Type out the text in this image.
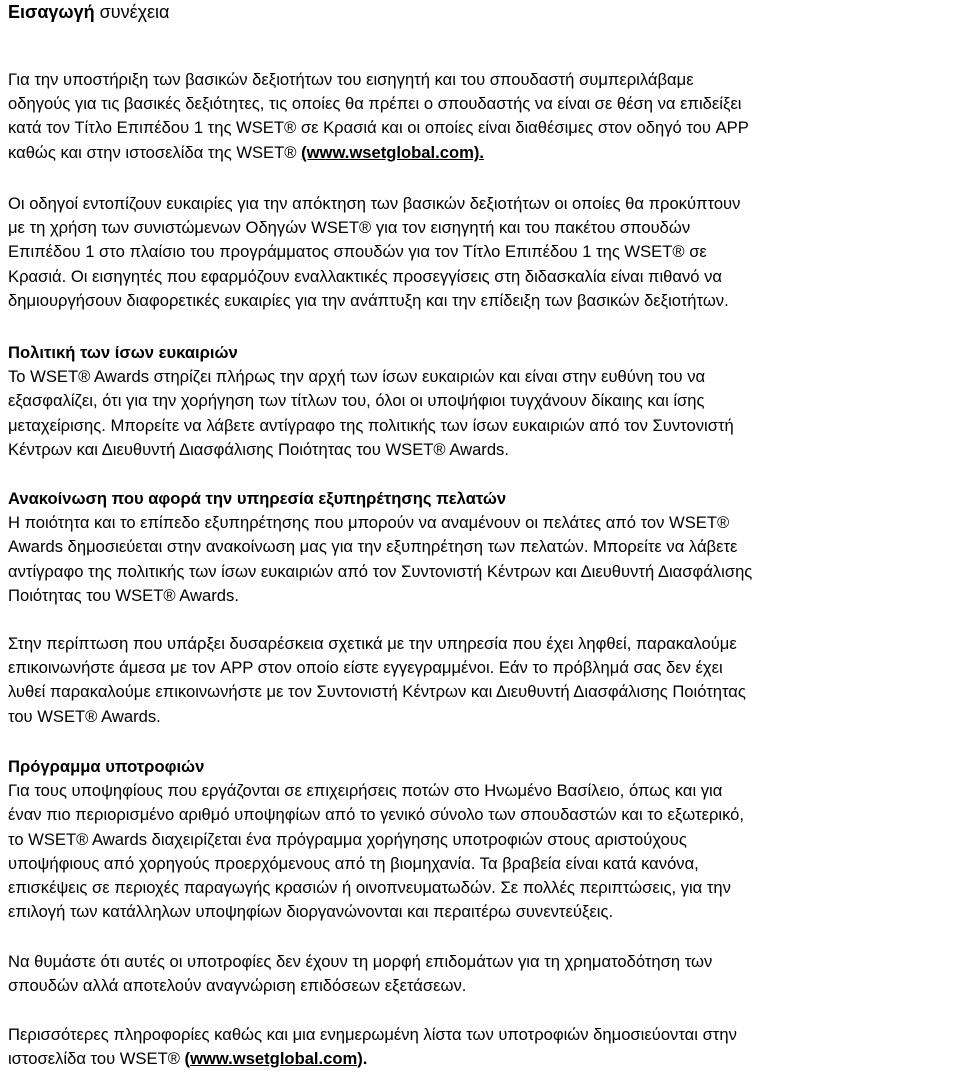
Εισαγωγή συνέχεια

Για την υποστήριξη των βασικών δεξιοτήτων του εισηγητή και του σπουδαστή συμπεριλάβαμε
οδηγούς για τις βασικές δεξιότητες, τις οποίες θα πρέπει ο σπουδαστής να είναι σε θέση να επιδείξει
κατά τον Τίτλο Επιπέδου 1 της WSET® σε Κρασιά και οι οποίες είναι διαθέσιμες στον οδηγό του APP
καθώς και στην ιστοσελίδα της WSET® (www.wsetglobal.com).

Οι οδηγοί εντοπίζουν ευκαιρίες για την απόκτηση των βασικών δεξιοτήτων οι οποίες θα προκύπτουν
με τη χρήση των συνιστώμενων Οδηγών WSET® για τον εισηγητή και του πακέτου σπουδών
Επιπέδου 1 στο πλαίσιο του προγράμματος σπουδών για τον Τίτλο Επιπέδου 1 της WSET® σε
Κρασιά. Οι εισηγητές που εφαρμόζουν εναλλακτικές προσεγγίσεις στη διδασκαλία είναι πιθανό να
δημιουργήσουν διαφορετικές ευκαιρίες για την ανάπτυξη και την επίδειξη των βασικών δεξιοτήτων.

Πολιτική των ίσων ευκαιριών
Το WSET® Awards στηρίζει πλήρως την αρχή των ίσων ευκαιριών και είναι στην ευθύνη του να
εξασφαλίζει, ότι για την χορήγηση των τίτλων του, όλοι οι υποψήφιοι τυγχάνουν δίκαιης και ίσης
μεταχείρισης. Μπορείτε να λάβετε αντίγραφο της πολιτικής των ίσων ευκαιριών από τον Συντονιστή
Κέντρων και Διευθυντή Διασφάλισης Ποιότητας του WSET® Awards.
Ανακοίνωση που αφορά την υπηρεσία εξυπηρέτησης πελατών
Η ποιότητα και το επίπεδο εξυπηρέτησης που μπορούν να αναμένουν οι πελάτες από τον WSET®
Awards δημοσιεύεται στην ανακοίνωση μας για την εξυπηρέτηση των πελατών. Μπορείτε να λάβετε
αντίγραφο της πολιτικής των ίσων ευκαιριών από τον Συντονιστή Κέντρων και Διευθυντή Διασφάλισης
Ποιότητας του WSET® Awards.

Στην περίπτωση που υπάρξει δυσαρέσκεια σχετικά με την υπηρεσία που έχει ληφθεί, παρακαλούμε
επικοινωνήστε άμεσα με τον APP στον οποίο είστε εγγεγραμμένοι. Εάν το πρόβλημά σας δεν έχει
λυθεί παρακαλούμε επικοινωνήστε με τον Συντονιστή Κέντρων και Διευθυντή Διασφάλισης Ποιότητας
του WSET® Awards.

Πρόγραμμα υποτροφιών
Για τους υποψηφίους που εργάζονται σε επιχειρήσεις ποτών στο Ηνωμένο Βασίλειο, όπως και για
έναν πιο περιορισμένο αριθμό υποψηφίων από το γενικό σύνολο των σπουδαστών και το εξωτερικό,
το WSET® Awards διαχειρίζεται ένα πρόγραμμα χορήγησης υποτροφιών στους αριστούχους
υποψήφιους από χορηγούς προερχόμενους από τη βιομηχανία. Τα βραβεία είναι κατά κανόνα,
επισκέψεις σε περιοχές παραγωγής κρασιών ή οινοπνευματωδών. Σε πολλές περιπτώσεις, για την
επιλογή των κατάλληλων υποψηφίων διοργανώνονται και περαιτέρω συνεντεύξεις.

Να θυμάστε ότι αυτές οι υποτροφίες δεν έχουν τη μορφή επιδομάτων για τη χρηματοδότηση των
σπουδών αλλά αποτελούν αναγνώριση επιδόσεων εξετάσεων.

Περισσότερες πληροφορίες καθώς και μια ενημερωμένη λίστα των υποτροφιών δημοσιεύονται στην
ιστοσελίδα του WSET® (www.wsetglobal.com).
